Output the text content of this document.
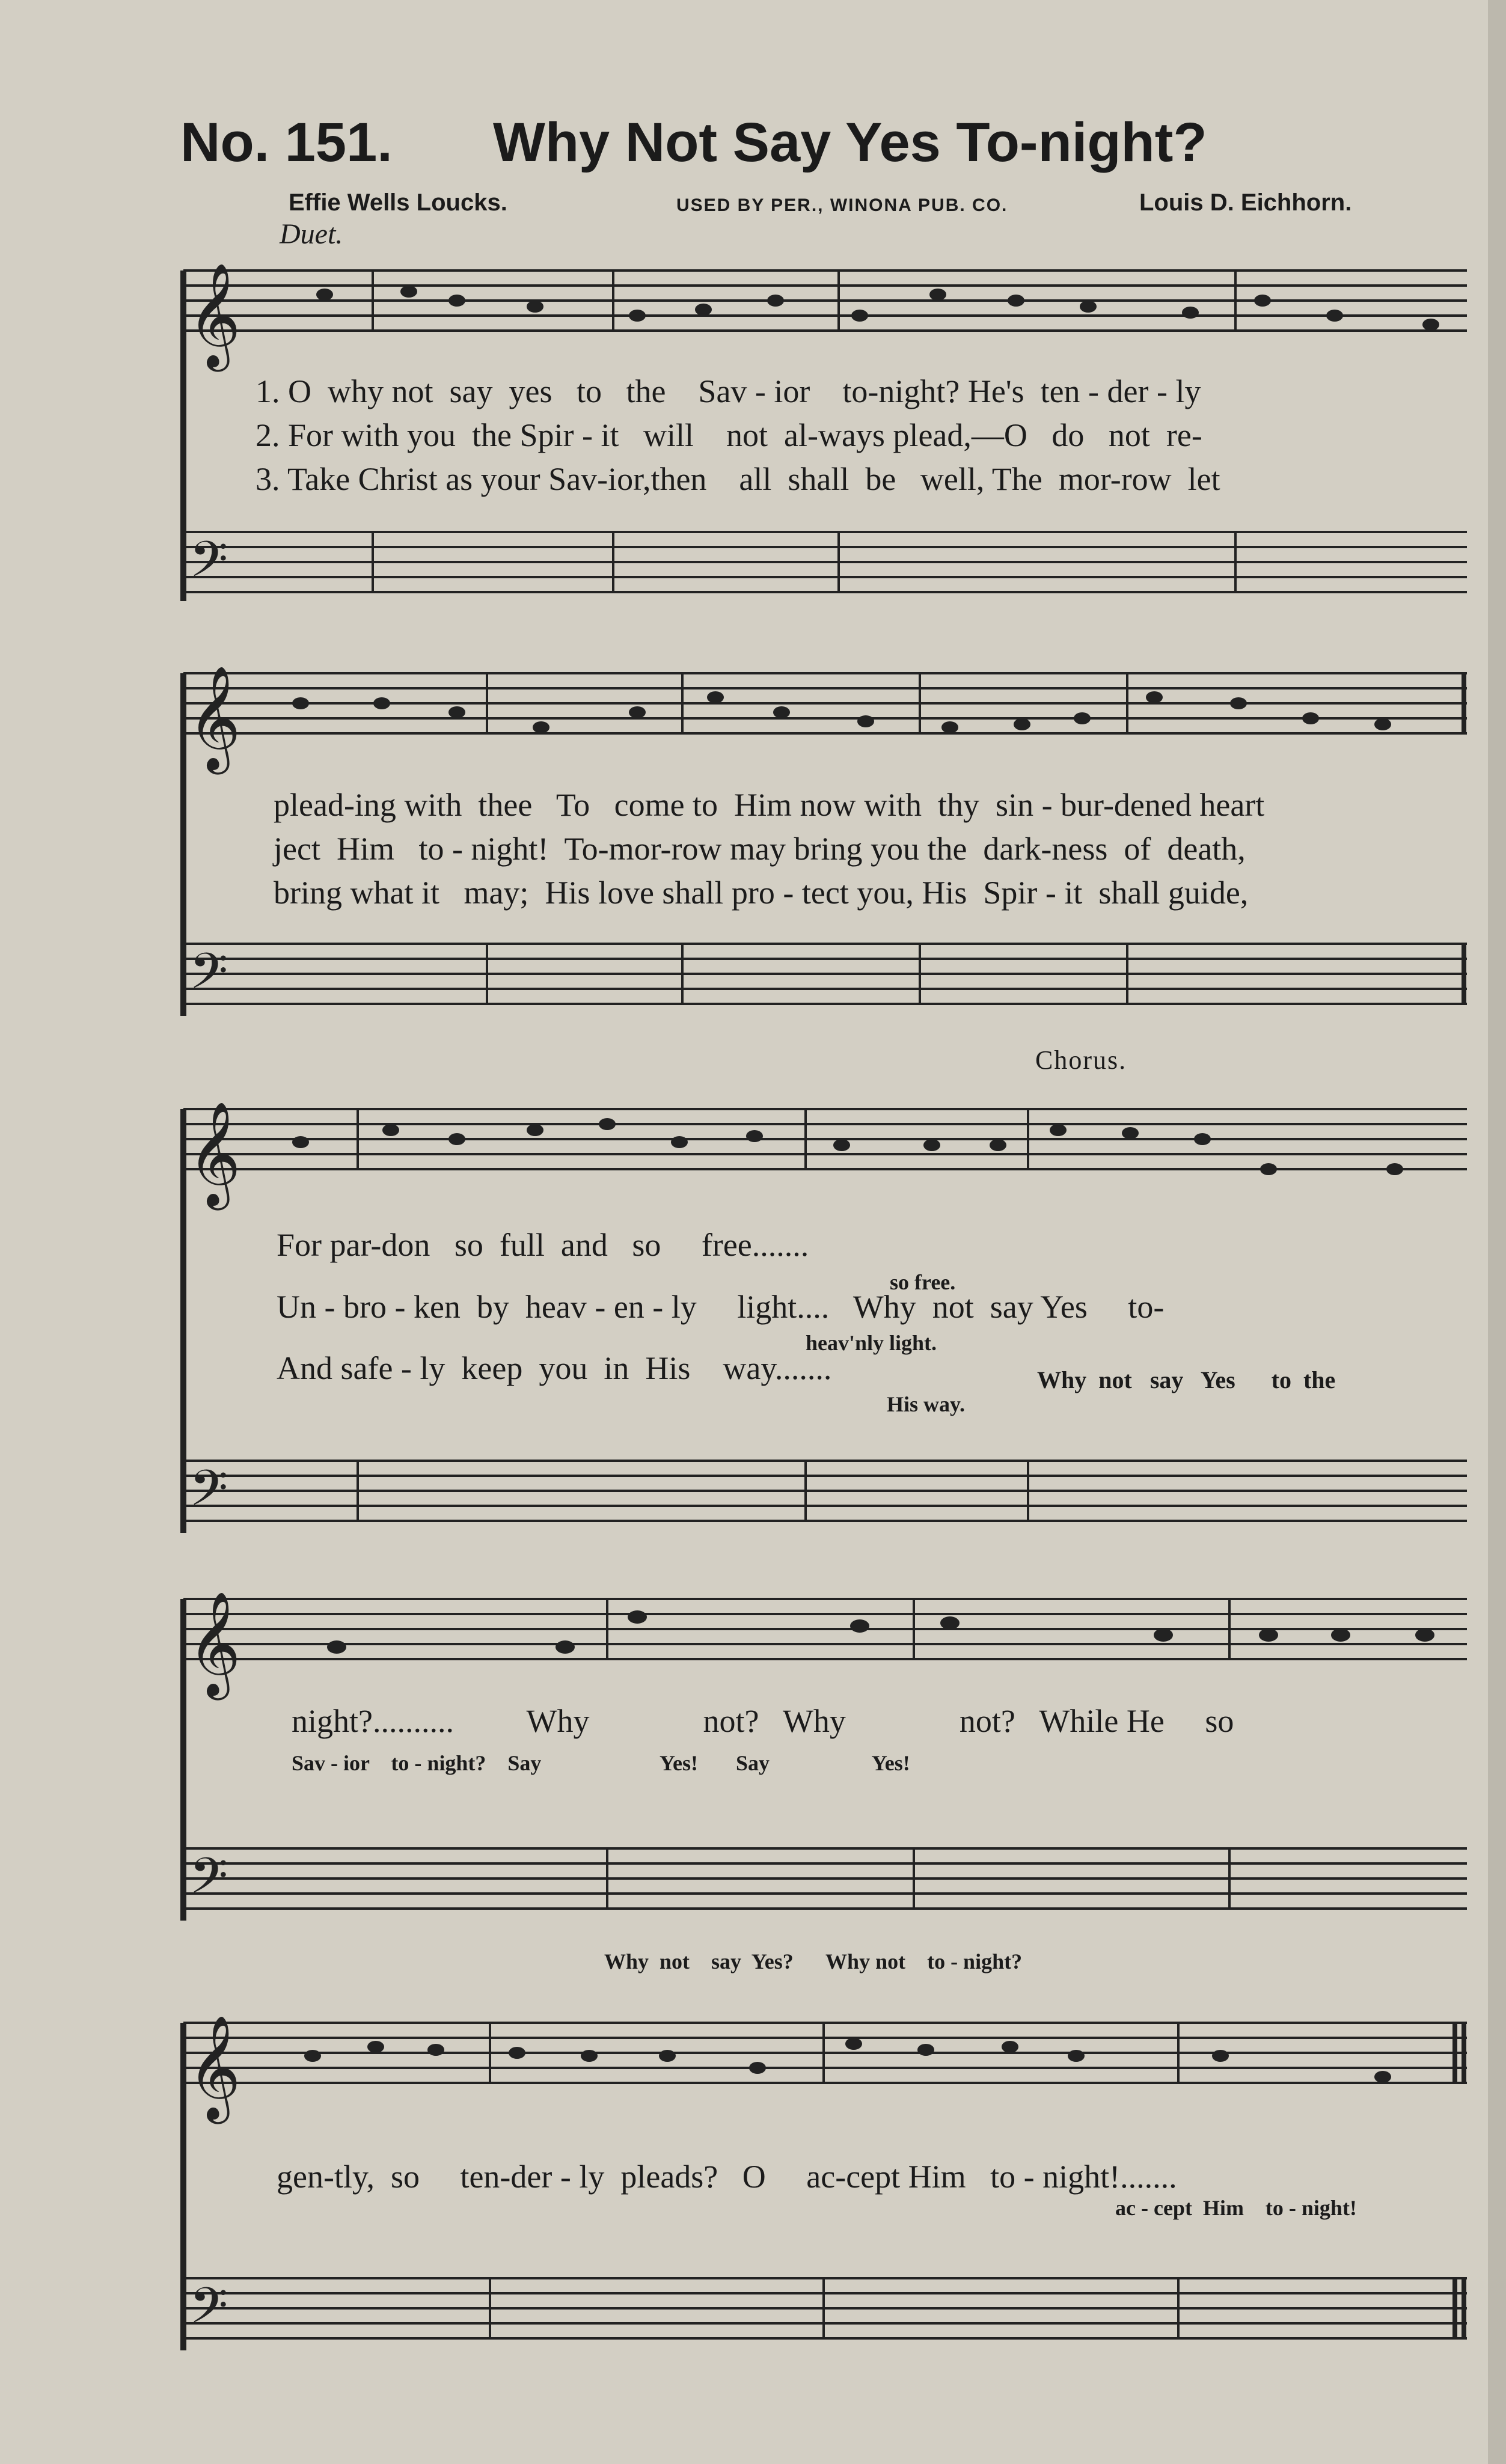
No. 151. Why Not Say Yes To-night?
Effie Wells Loucks.	USED BY PER., WINONA PUB. CO.	Louis D. Eichhorn.
Duet.
Chorus.
𝄞
𝄞
𝄞
𝄞
𝄞
𝄢
𝄢
𝄢
𝄢
𝄢
1. O  why not  say  yes   to   the    Sav - ior    to-night? He's  ten - der - ly
2. For with you  the Spir - it   will    not  al-ways plead,—O   do   not  re-
3. Take Christ as your Sav-ior,then    all  shall  be   well, The  mor-row  let
plead-ing with  thee   To   come to  Him now with  thy  sin - bur-dened heart
ject  Him   to - night!  To-mor-row may bring you the  dark-ness  of  death,
bring what it   may;  His love shall pro - tect you, His  Spir - it  shall guide,
For par-don   so  full  and   so     free.......
so free.
Un - bro - ken  by  heav - en - ly     light....   Why  not  say Yes     to-
heav'nly light.
And safe - ly  keep  you  in  His    way.......
His way.
Why  not   say   Yes      to  the
night?..........         Why              not?   Why              not?   While He     so
Sav - ior    to - night?    Say                      Yes!       Say                   Yes!
Why  not    say  Yes?      Why not    to - night?
gen-tly,  so     ten-der - ly  pleads?   O     ac-cept Him   to - night!.......
ac - cept  Him    to - night!
